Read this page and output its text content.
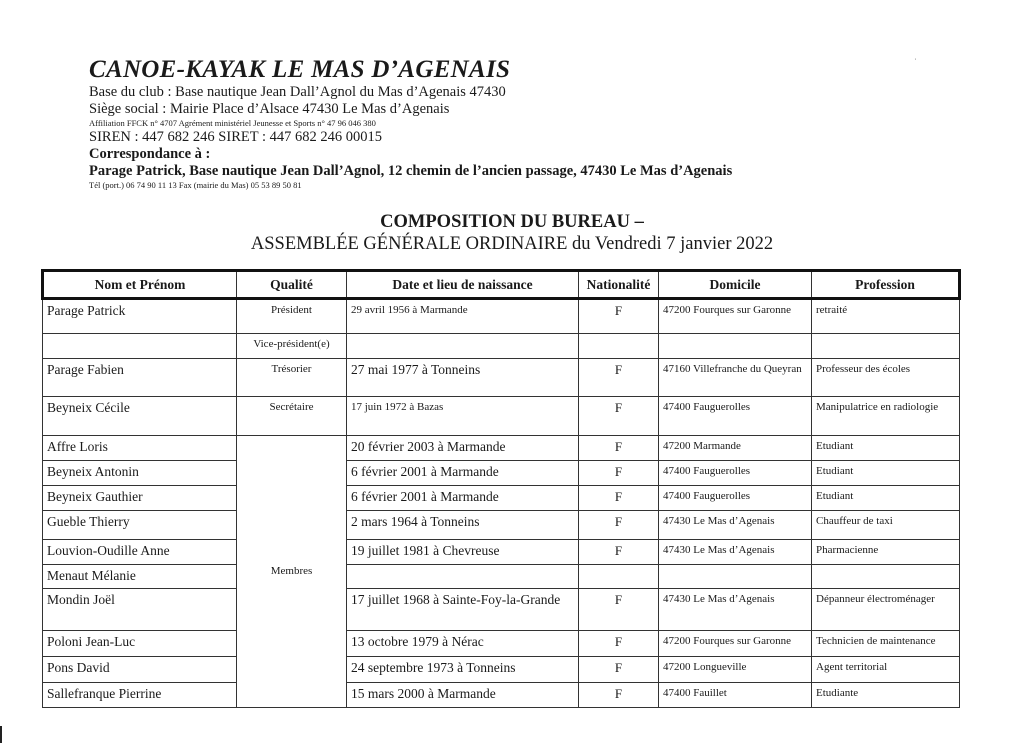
CANOE-KAYAK LE MAS D’AGENAIS
Base du club : Base nautique Jean Dall’Agnol du Mas d’Agenais 47430
Siège social : Mairie Place d’Alsace 47430 Le Mas d’Agenais
Affiliation FFCK n° 4707 Agrément ministériel Jeunesse et Sports n° 47 96 046 380
SIREN : 447 682 246 SIRET : 447 682 246 00015
Correspondance à :
Parage Patrick, Base nautique Jean Dall’Agnol, 12 chemin de l’ancien passage, 47430 Le Mas d’Agenais
Tél (port.) 06 74 90 11 13 Fax (mairie du Mas) 05 53 89 50 81
˙
COMPOSITION DU BUREAU –
ASSEMBLÉE GÉNÉRALE ORDINAIRE du Vendredi 7 janvier 2022
Nom et Prénom	Qualité	Date et lieu de naissance	Nationalité	Domicile	Profession
Parage Patrick	Président	29 avril 1956 à Marmande	F	47200 Fourques sur Garonne	retraité
	Vice-président(e)				
Parage Fabien	Trésorier	27 mai 1977 à Tonneins	F	47160 Villefranche du Queyran	Professeur des écoles
Beyneix Cécile	Secrétaire	17 juin 1972 à Bazas	F	47400 Fauguerolles	Manipulatrice en radiologie
Affre Loris	Membres	20 février 2003 à Marmande	F	47200 Marmande	Etudiant
Beyneix Antonin		6 février 2001 à Marmande	F	47400 Fauguerolles	Etudiant
Beyneix Gauthier		6 février 2001 à Marmande	F	47400 Fauguerolles	Etudiant
Gueble Thierry		2 mars 1964 à Tonneins	F	47430 Le Mas d’Agenais	Chauffeur de taxi
Louvion-Oudille Anne		19 juillet 1981 à Chevreuse	F	47430 Le Mas d’Agenais	Pharmacienne
Menaut Mélanie					
Mondin Joël		17 juillet 1968 à Sainte-Foy-la-Grande	F	47430 Le Mas d’Agenais	Dépanneur électroménager
Poloni Jean-Luc		13 octobre 1979 à Nérac	F	47200 Fourques sur Garonne	Technicien de maintenance
Pons David		24 septembre 1973 à Tonneins	F	47200 Longueville	Agent territorial
Sallefranque Pierrine		15 mars 2000 à Marmande	F	47400 Fauillet	Etudiante
